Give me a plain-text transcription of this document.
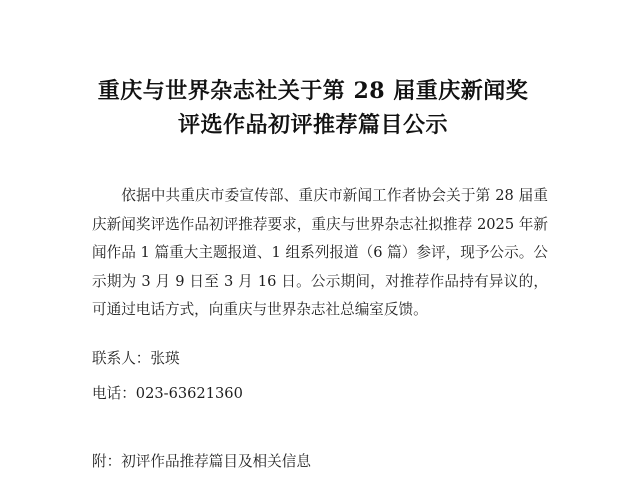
重庆与世界杂志社关于第 28 届重庆新闻奖
评选作品初评推荐篇目公示

依据中共重庆市委宣传部、重庆市新闻工作者协会关于第 28 届重庆新闻奖评选作品初评推荐要求，重庆与世界杂志社拟推荐 2025 年新闻作品 1 篇重大主题报道、1 组系列报道（6 篇）参评，现予公示。公示期为 3 月 9 日至 3 月 16 日。公示期间，对推荐作品持有异议的，可通过电话方式，向重庆与世界杂志社总编室反馈。

联系人：张瑛

电话：023-63621360

附：初评作品推荐篇目及相关信息
